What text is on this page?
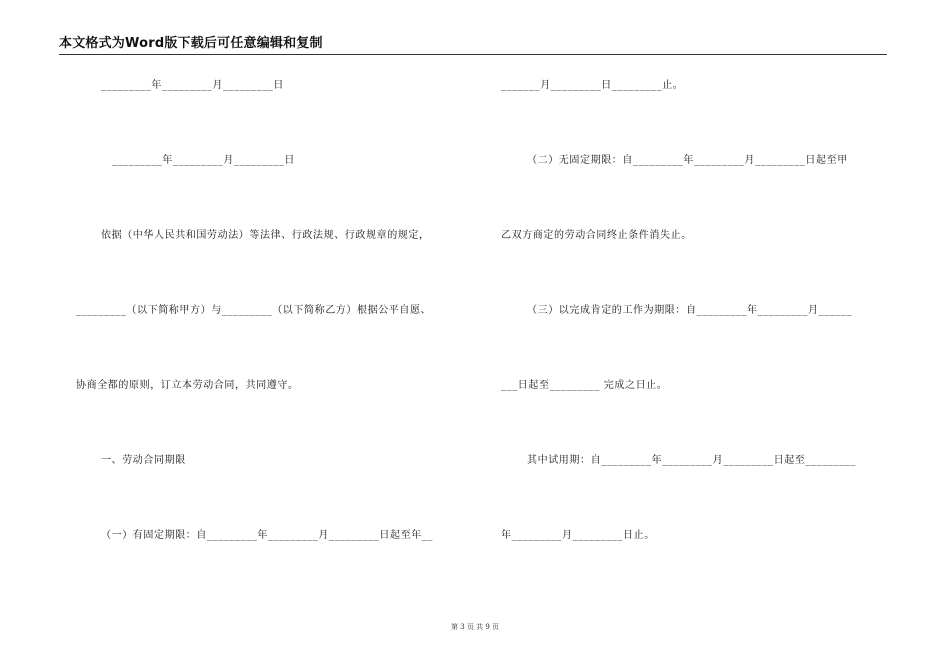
本文格式为Word版下载后可任意编辑和复制
_________年_________月_________日
_________年_________月_________日
依据（中华人民共和国劳动法）等法律、行政法规、行政规章的规定，
_________（以下简称甲方）与_________（以下简称乙方）根据公平自愿、
协商全都的原则，订立本劳动合同，共同遵守。
一、劳动合同期限
（一）有固定期限：自_________年_________月_________日起至年__
_______月_________日_________止。
（二）无固定期限：自_________年_________月_________日起至甲
乙双方商定的劳动合同终止条件消失止。
（三）以完成肯定的工作为期限：自_________年_________月______
___日起至_________ 完成之日止。
其中试用期：自_________年_________月_________日起至_________
年_________月_________日止。
第 3 页 共 9 页
